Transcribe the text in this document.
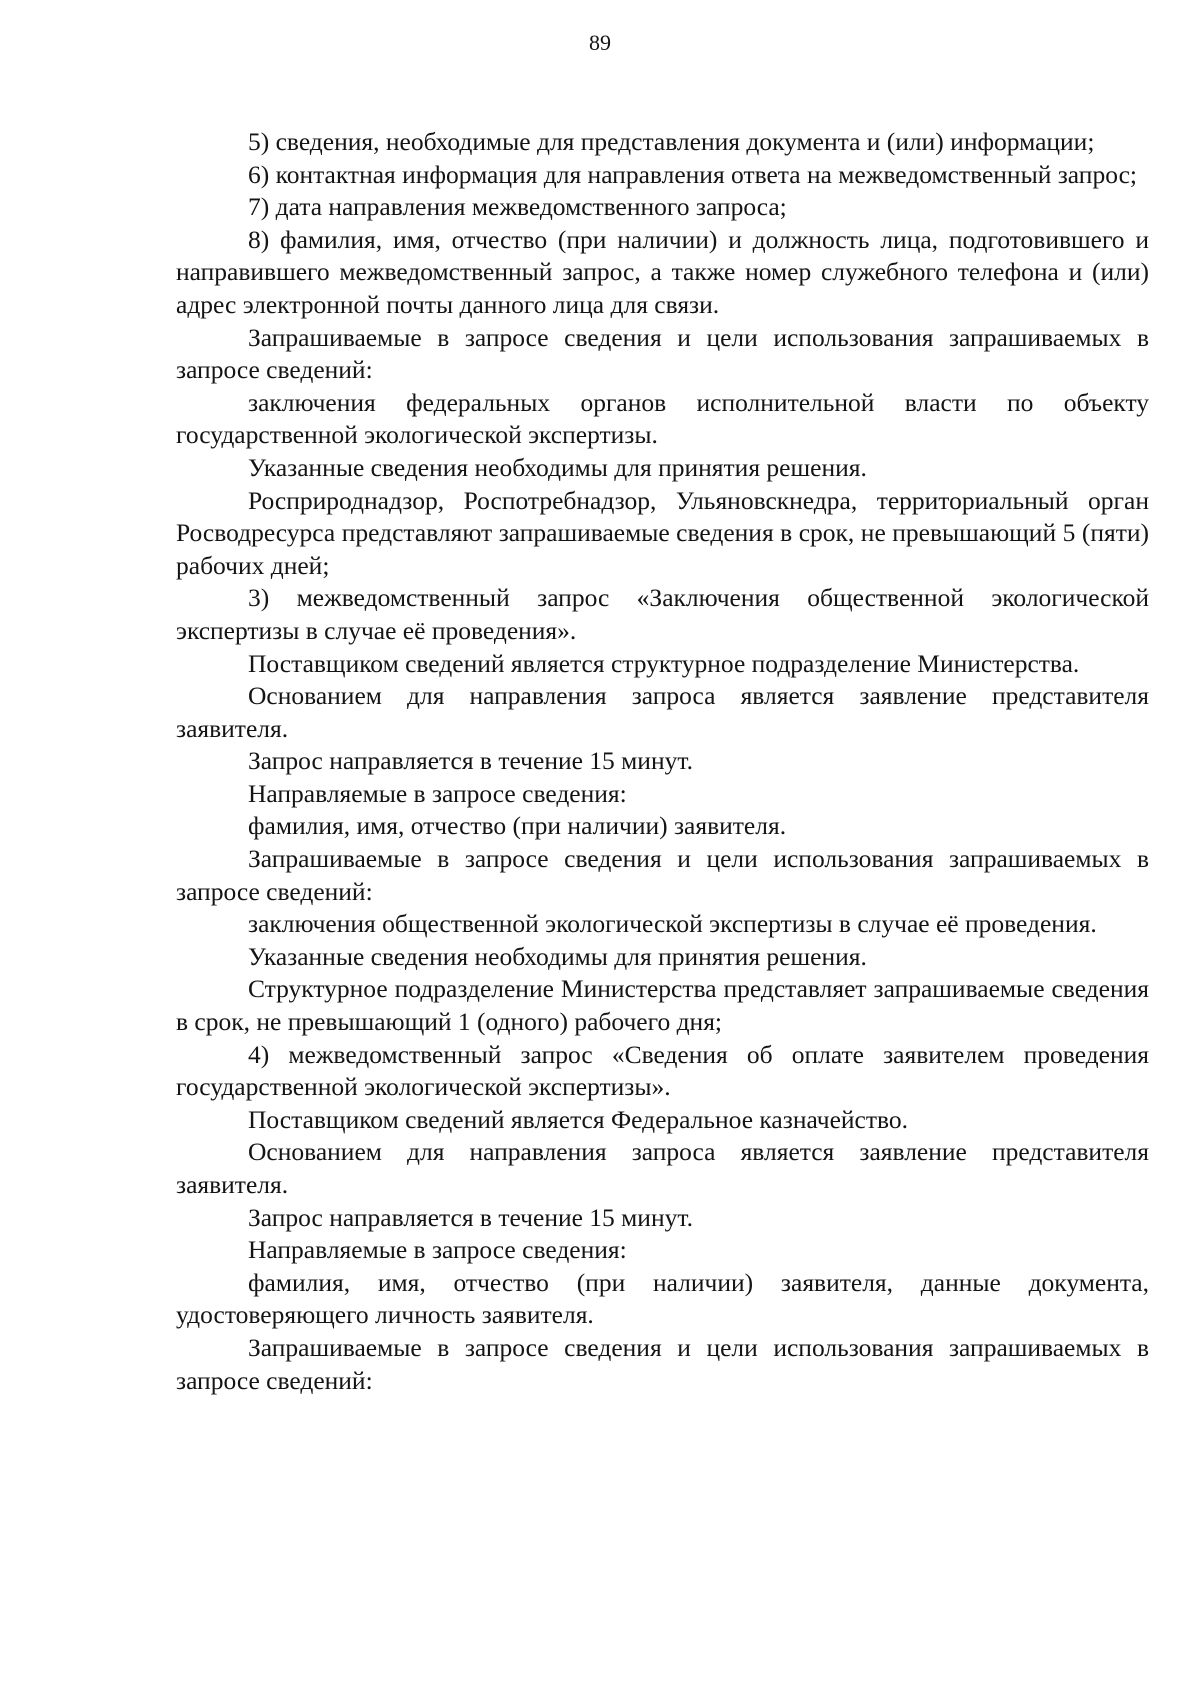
89

5) сведения, необходимые для представления документа и (или) информации;

6) контактная информация для направления ответа на межведомственный запрос;

7) дата направления межведомственного запроса;

8) фамилия, имя, отчество (при наличии) и должность лица, подготовившего и направившего межведомственный запрос, а также номер служебного телефона и (или) адрес электронной почты данного лица для связи.

Запрашиваемые в запросе сведения и цели использования запрашиваемых в запросе сведений:

заключения федеральных органов исполнительной власти по объекту государственной экологической экспертизы.

Указанные сведения необходимы для принятия решения.

Росприроднадзор, Роспотребнадзор, Ульяновскнедра, территориальный орган Росводресурса представляют запрашиваемые сведения в срок, не превышающий 5 (пяти) рабочих дней;

3) межведомственный запрос «Заключения общественной экологической экспертизы в случае её проведения».

Поставщиком сведений является структурное подразделение Министерства.

Основанием для направления запроса является заявление представителя заявителя.

Запрос направляется в течение 15 минут.

Направляемые в запросе сведения:

фамилия, имя, отчество (при наличии) заявителя.

Запрашиваемые в запросе сведения и цели использования запрашиваемых в запросе сведений:

заключения общественной экологической экспертизы в случае её проведения.

Указанные сведения необходимы для принятия решения.

Структурное подразделение Министерства представляет запрашиваемые сведения в срок, не превышающий 1 (одного) рабочего дня;

4) межведомственный запрос «Сведения об оплате заявителем проведения государственной экологической экспертизы».

Поставщиком сведений является Федеральное казначейство.

Основанием для направления запроса является заявление представителя заявителя.

Запрос направляется в течение 15 минут.

Направляемые в запросе сведения:

фамилия, имя, отчество (при наличии) заявителя, данные документа, удостоверяющего личность заявителя.

Запрашиваемые в запросе сведения и цели использования запрашиваемых в запросе сведений:
